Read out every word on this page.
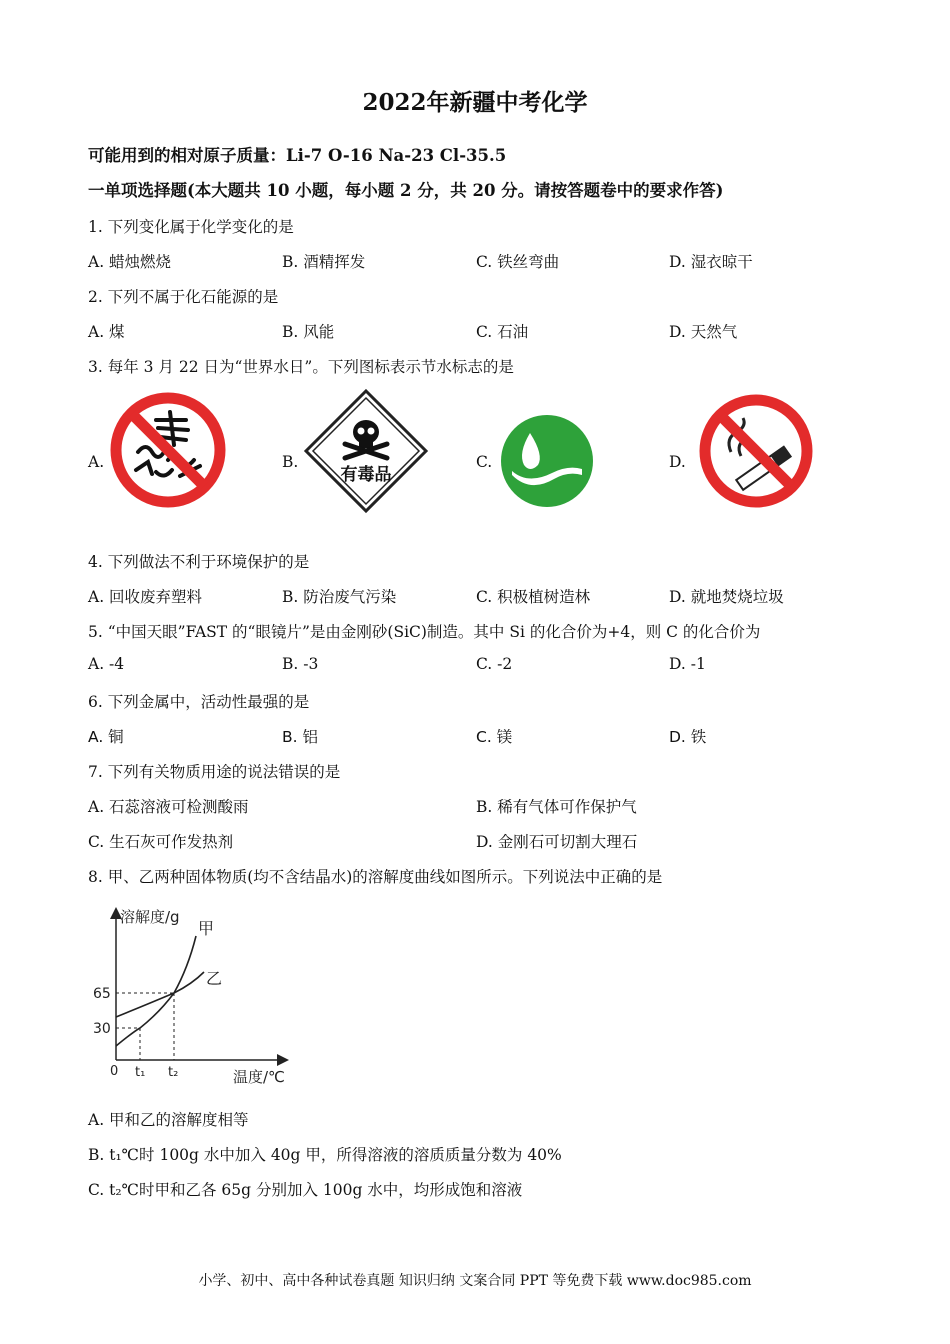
2022年新疆中考化学
可能用到的相对原子质量：Li-7 O-16 Na-23 Cl-35.5
一单项选择题(本大题共 10 小题，每小题 2 分，共 20 分。请按答题卷中的要求作答)
1. 下列变化属于化学变化的是
A. 蜡烛燃烧	B. 酒精挥发	C. 铁丝弯曲	D. 湿衣晾干
2. 下列不属于化石能源的是
A. 煤	B. 风能	C. 石油	D. 天然气
3. 每年 3 月 22 日为“世界水日”。下列图标表示节水标志的是
A.	B.	C.	D.
有毒品
4. 下列做法不利于环境保护的是
A. 回收废弃塑料	B. 防治废气污染	C. 积极植树造林	D. 就地焚烧垃圾
5. “中国天眼”FAST 的“眼镜片”是由金刚砂(SiC)制造。其中 Si 的化合价为+4，则 C 的化合价为
A. -4	B. -3	C. -2	D. -1
6. 下列金属中，活动性最强的是
A. 铜	B. 铝	C. 镁	D. 铁
7. 下列有关物质用途的说法错误的是
A. 石蕊溶液可检测酸雨	B. 稀有气体可作保护气
C. 生石灰可作发热剂	D. 金刚石可切割大理石
8. 甲、乙两种固体物质(均不含结晶水)的溶解度曲线如图所示。下列说法中正确的是
溶解度/g
温度/℃
0
65
30
t₁ t₂
甲
乙
A. 甲和乙的溶解度相等
B. t₁℃时 100g 水中加入 40g 甲，所得溶液的溶质质量分数为 40%
C. t₂℃时甲和乙各 65g 分别加入 100g 水中，均形成饱和溶液
小学、初中、高中各种试卷真题 知识归纳 文案合同 PPT 等免费下载 www.doc985.com
